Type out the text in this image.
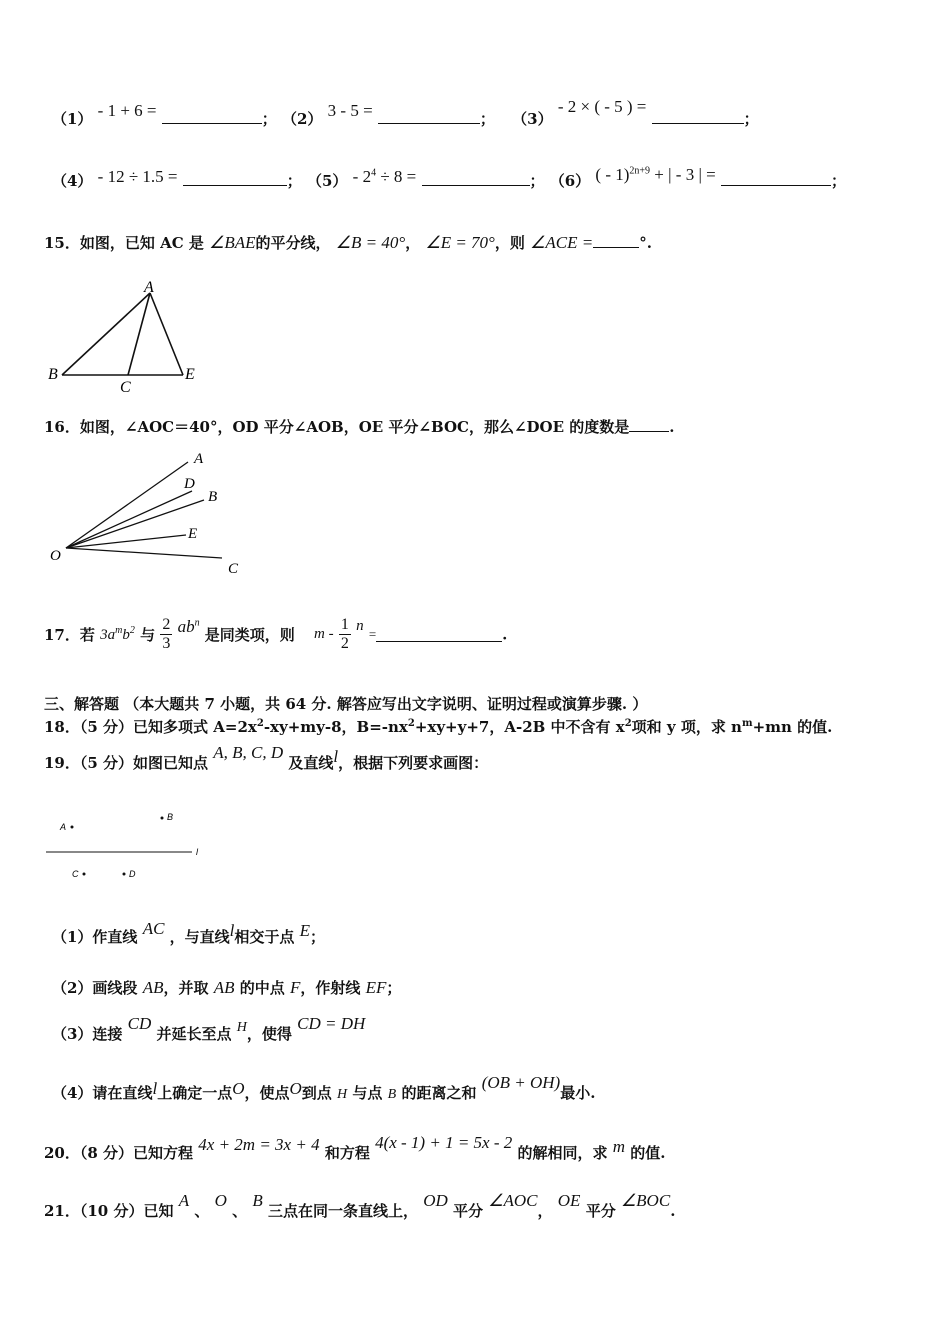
（1） - 1 + 6 =	； （2） 3 - 5 =	； （3） - 2 × ( - 5 ) = ；
（4） - 12 ÷ 1.5 =	； $(5) - 2^4 \div 8$ =	； （6） ( - 1)$^{2n+9}$ + | - 3 | =	；
15．如图，已知 AC 是 ∠BAE的平分线， ∠B = 40°， ∠E = 70°，则 ∠ACE =	°.
A
B
C
E
16．如图，∠AOC＝40°，OD 平分∠AOB，OE 平分∠BOC，那么∠DOE 的度数是	.
A
D
B
E
O
C
17．若 $3a^mb^2$ 与 $\frac{2}{3} ab^n$ 是同类项，则 m - $\frac{1}{2}$ n =	.
三、解答题 （本大题共 7 小题，共 64 分. 解答应写出文字说明、证明过程或演算步骤. ）
18．（5 分）已知多项式 $A=2x^2-xy+my-8$，$B=-nx^2+xy+y+7$，A-2B 中不含有 $x^2$项和 y 项，求 $n^m+mn$ 的值.
19．（5 分）如图已知点 A, B, C, D 及直线l，根据下列要求画图：
A
B
l
C	D
（1）作直线 AC ，与直线l相交于点 E；
（2）画线段 AB，并取 AB 的中点 F，作射线 EF；
（3）连接 CD 并延长至点 H，使得 CD = DH
（4）请在直线l上确定一点O，使点O到点 H 与点 B 的距离之和 (OB + OH)最小.
20．（8 分）已知方程 4x + 2m = 3x + 4 和方程 4(x - 1) + 1 = 5x - 2 的解相同，求 m 的值.
21．（10 分）已知 A 、 O 、 B 三点在同一条直线上， OD 平分 ∠AOC， OE 平分 ∠BOC.
